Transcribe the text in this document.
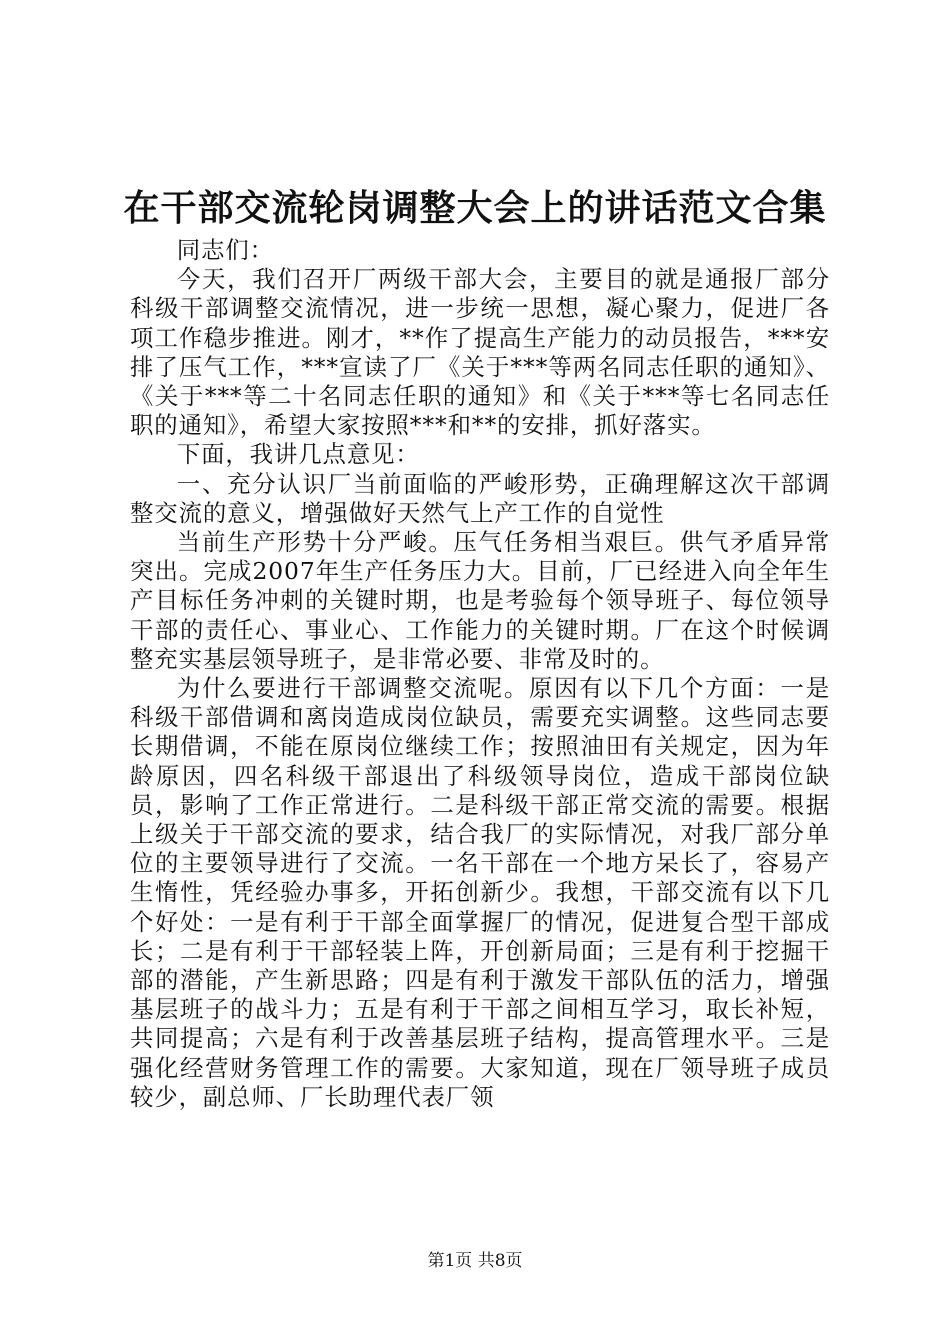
在干部交流轮岗调整大会上的讲话范文合集

同志们：

今天，我们召开厂两级干部大会，主要目的就是通报厂部分科级干部调整交流情况，进一步统一思想，凝心聚力，促进厂各项工作稳步推进。刚才，**作了提高生产能力的动员报告，***安排了压气工作，***宣读了厂《关于***等两名同志任职的通知》、《关于***等二十名同志任职的通知》和《关于***等七名同志任职的通知》，希望大家按照***和**的安排，抓好落实。

下面，我讲几点意见：

一、充分认识厂当前面临的严峻形势，正确理解这次干部调整交流的意义，增强做好天然气上产工作的自觉性

当前生产形势十分严峻。压气任务相当艰巨。供气矛盾异常突出。完成2007年生产任务压力大。目前，厂已经进入向全年生产目标任务冲刺的关键时期，也是考验每个领导班子、每位领导干部的责任心、事业心、工作能力的关键时期。厂在这个时候调整充实基层领导班子，是非常必要、非常及时的。

为什么要进行干部调整交流呢。原因有以下几个方面：一是科级干部借调和离岗造成岗位缺员，需要充实调整。这些同志要长期借调，不能在原岗位继续工作；按照油田有关规定，因为年龄原因，四名科级干部退出了科级领导岗位，造成干部岗位缺员，影响了工作正常进行。二是科级干部正常交流的需要。根据上级关于干部交流的要求，结合我厂的实际情况，对我厂部分单位的主要领导进行了交流。一名干部在一个地方呆长了，容易产生惰性，凭经验办事多，开拓创新少。我想，干部交流有以下几个好处：一是有利于干部全面掌握厂的情况，促进复合型干部成长；二是有利于干部轻装上阵，开创新局面；三是有利于挖掘干部的潜能，产生新思路；四是有利于激发干部队伍的活力，增强基层班子的战斗力；五是有利于干部之间相互学习，取长补短，共同提高；六是有利于改善基层班子结构，提高管理水平。三是强化经营财务管理工作的需要。大家知道，现在厂领导班子成员较少，副总师、厂长助理代表厂领

第1页 共8页
